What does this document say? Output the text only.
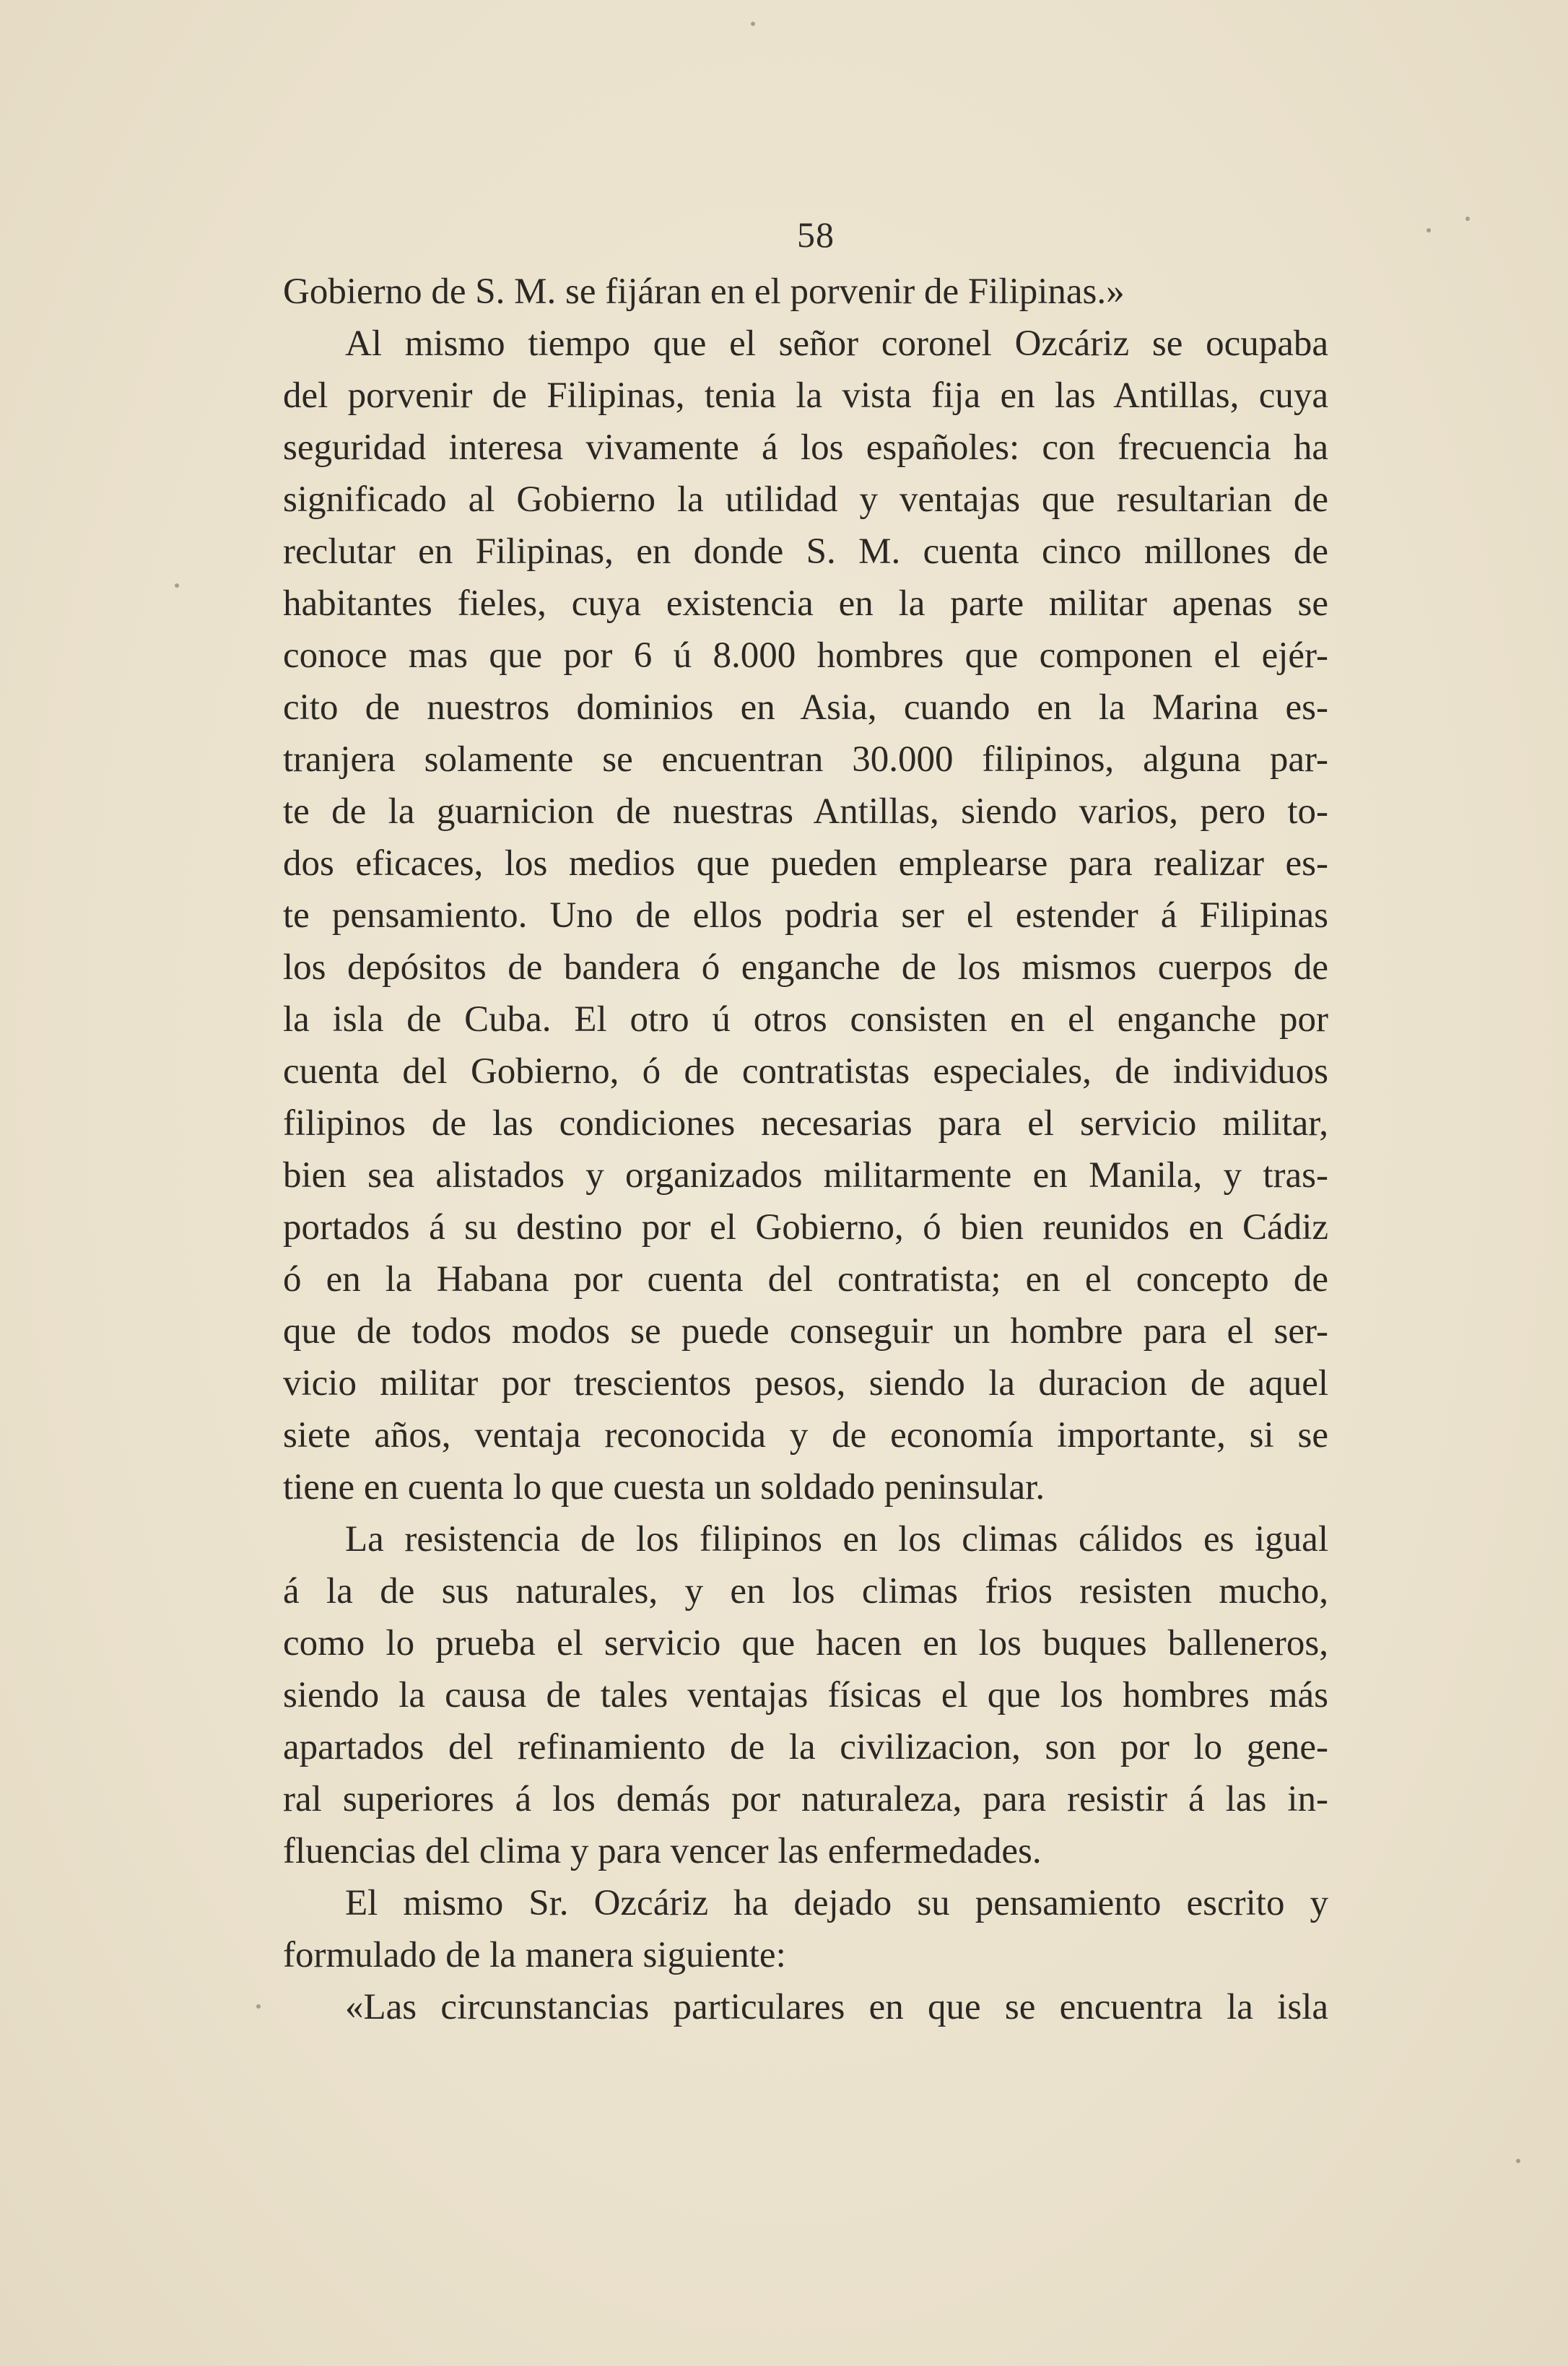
58
Gobierno de S. M. se fijáran en el porvenir de Filipinas.»
Al mismo tiempo que el señor coronel Ozcáriz se ocupaba
del porvenir de Filipinas, tenia la vista fija en las Antillas, cuya
seguridad interesa vivamente á los españoles: con frecuencia ha
significado al Gobierno la utilidad y ventajas que resultarian de
reclutar en Filipinas, en donde S. M. cuenta cinco millones de
habitantes fieles, cuya existencia en la parte militar apenas se
conoce mas que por 6 ú 8.000 hombres que componen el ejér-
cito de nuestros dominios en Asia, cuando en la Marina es-
tranjera solamente se encuentran 30.000 filipinos, alguna par-
te de la guarnicion de nuestras Antillas, siendo varios, pero to-
dos eficaces, los medios que pueden emplearse para realizar es-
te pensamiento. Uno de ellos podria ser el estender á Filipinas
los depósitos de bandera ó enganche de los mismos cuerpos de
la isla de Cuba. El otro ú otros consisten en el enganche por
cuenta del Gobierno, ó de contratistas especiales, de individuos
filipinos de las condiciones necesarias para el servicio militar,
bien sea alistados y organizados militarmente en Manila, y tras-
portados á su destino por el Gobierno, ó bien reunidos en Cádiz
ó en la Habana por cuenta del contratista; en el concepto de
que de todos modos se puede conseguir un hombre para el ser-
vicio militar por trescientos pesos, siendo la duracion de aquel
siete años, ventaja reconocida y de economía importante, si se
tiene en cuenta lo que cuesta un soldado peninsular.
La resistencia de los filipinos en los climas cálidos es igual
á la de sus naturales, y en los climas frios resisten mucho,
como lo prueba el servicio que hacen en los buques balleneros,
siendo la causa de tales ventajas físicas el que los hombres más
apartados del refinamiento de la civilizacion, son por lo gene-
ral superiores á los demás por naturaleza, para resistir á las in-
fluencias del clima y para vencer las enfermedades.
El mismo Sr. Ozcáriz ha dejado su pensamiento escrito y
formulado de la manera siguiente:
«Las circunstancias particulares en que se encuentra la isla
